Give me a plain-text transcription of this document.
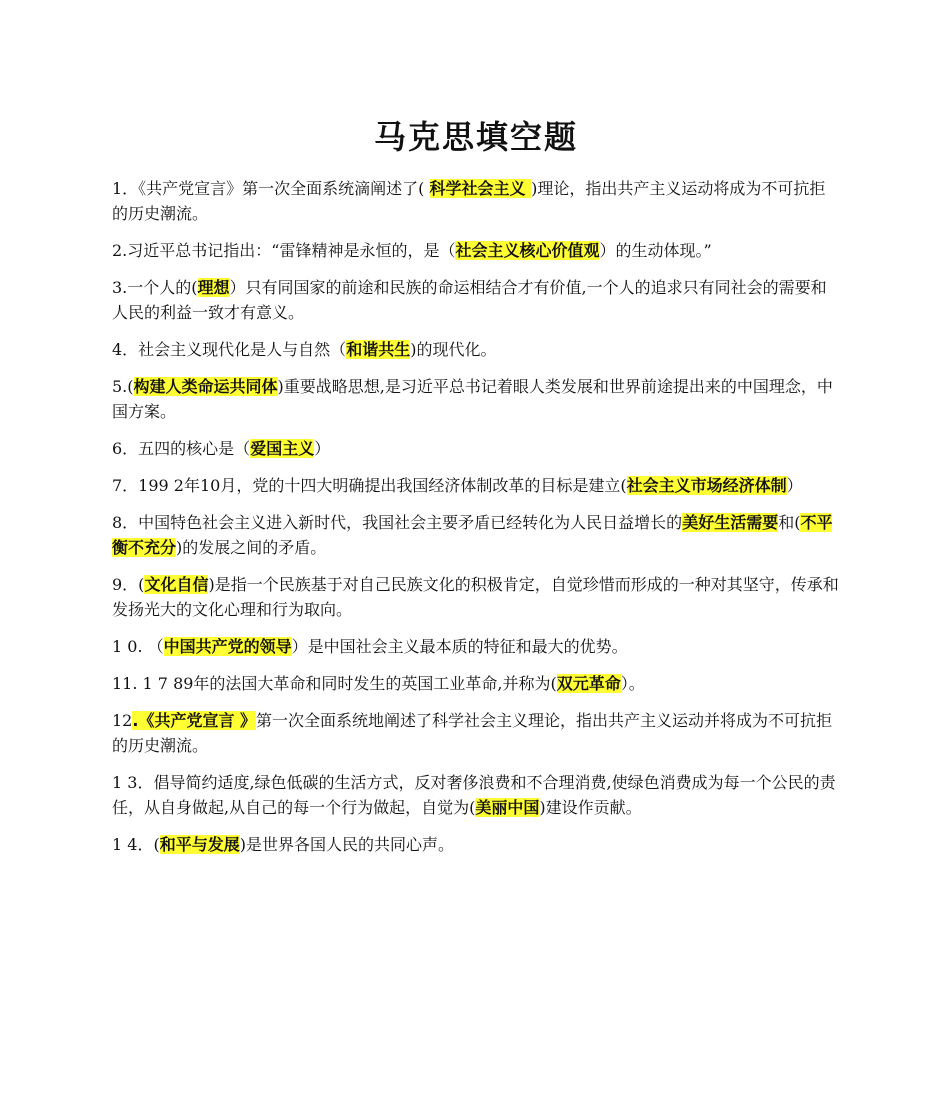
马克思填空题

1．《共产党宣言》第一次全面系统滴阐述了( 科学社会主义 )理论，指出共产主义运动将成为不可抗拒的历史潮流。

2.习近平总书记指出：“雷锋精神是永恒的，是（社会主义核心价值观）的生动体现。”

3.一个人的(理想）只有同国家的前途和民族的命运相结合才有价值,一个人的追求只有同社会的需要和人民的利益一致才有意义。

4．社会主义现代化是人与自然（和谐共生)的现代化。

5.(构建人类命运共同体)重要战略思想,是习近平总书记着眼人类发展和世界前途提出来的中国理念，中国方案。

6．五四的核心是（爱国主义）

7．199 2年10月，党的十四大明确提出我国经济体制改革的目标是建立(社会主义市场经济体制）

8．中国特色社会主义进入新时代，我国社会主要矛盾已经转化为人民日益增长的美好生活需要和(不平衡不充分)的发展之间的矛盾。

9．(文化自信)是指一个民族基于对自己民族文化的积极肯定，自觉珍惜而形成的一种对其坚守，传承和发扬光大的文化心理和行为取向。

1 0. （中国共产党的领导）是中国社会主义最本质的特征和最大的优势。

11. 1 7 89年的法国大革命和同时发生的英国工业革命,并称为(双元革命）。

12.《共产党宣言 》第一次全面系统地阐述了科学社会主义理论，指出共产主义运动并将成为不可抗拒的历史潮流。

1 3．倡导简约适度,绿色低碳的生活方式，反对奢侈浪费和不合理消费,使绿色消费成为每一个公民的责任，从自身做起,从自己的每一个行为做起，自觉为(美丽中国)建设作贡献。

1 4．(和平与发展)是世界各国人民的共同心声。
